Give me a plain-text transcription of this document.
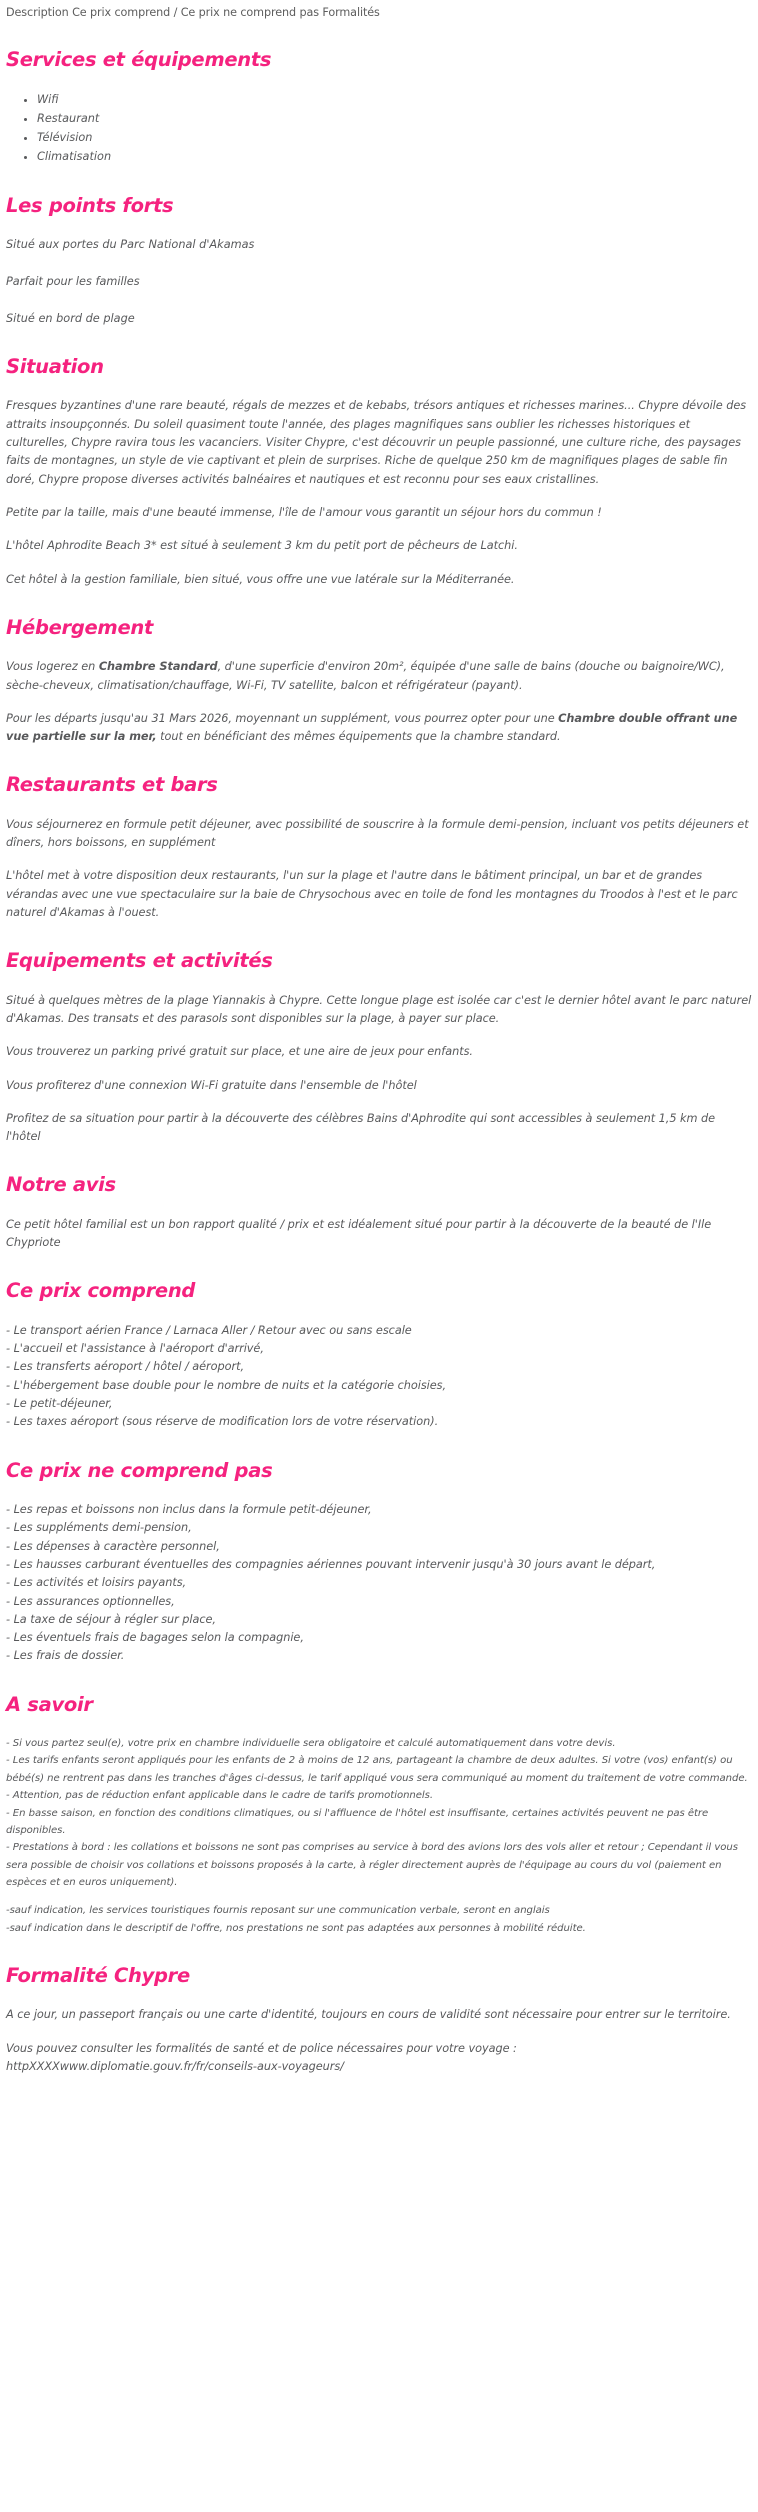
Description Ce prix comprend / Ce prix ne comprend pas Formalités
Services et équipements
• Wifi
• Restaurant
• Télévision
• Climatisation
Les points forts

Situé aux portes du Parc National d'Akamas

Parfait pour les familles

Situé en bord de plage

Situation

Fresques byzantines d'une rare beauté, régals de mezzes et de kebabs, trésors antiques et richesses marines... Chypre dévoile des attraits insoupçonnés. Du soleil quasiment toute l'année, des plages magnifiques sans oublier les richesses historiques et culturelles, Chypre ravira tous les vacanciers. Visiter Chypre, c'est découvrir un peuple passionné, une culture riche, des paysages faits de montagnes, un style de vie captivant et plein de surprises. Riche de quelque 250 km de magnifiques plages de sable fin doré, Chypre propose diverses activités balnéaires et nautiques et est reconnu pour ses eaux cristallines.

Petite par la taille, mais d'une beauté immense, l'île de l'amour vous garantit un séjour hors du commun !

L'hôtel Aphrodite Beach 3* est situé à seulement 3 km du petit port de pêcheurs de Latchi.

Cet hôtel à la gestion familiale, bien situé, vous offre une vue latérale sur la Méditerranée.

Hébergement

Vous logerez en Chambre Standard, d'une superficie d'environ 20m², équipée d'une salle de bains (douche ou baignoire/WC), sèche-cheveux, climatisation/chauffage, Wi-Fi, TV satellite, balcon et réfrigérateur (payant).

Pour les départs jusqu'au 31 Mars 2026, moyennant un supplément, vous pourrez opter pour une Chambre double offrant une vue partielle sur la mer, tout en bénéficiant des mêmes équipements que la chambre standard.

Restaurants et bars

Vous séjournerez en formule petit déjeuner, avec possibilité de souscrire à la formule demi-pension, incluant vos petits déjeuners et dîners, hors boissons, en supplément

L'hôtel met à votre disposition deux restaurants, l'un sur la plage et l'autre dans le bâtiment principal, un bar et de grandes vérandas avec une vue spectaculaire sur la baie de Chrysochous avec en toile de fond les montagnes du Troodos à l'est et le parc naturel d'Akamas à l'ouest.

Equipements et activités

Situé à quelques mètres de la plage Yiannakis à Chypre. Cette longue plage est isolée car c'est le dernier hôtel avant le parc naturel d'Akamas. Des transats et des parasols sont disponibles sur la plage, à payer sur place.

Vous trouverez un parking privé gratuit sur place, et une aire de jeux pour enfants.

Vous profiterez d'une connexion Wi-Fi gratuite dans l'ensemble de l'hôtel

Profitez de sa situation pour partir à la découverte des célèbres Bains d'Aphrodite qui sont accessibles à seulement 1,5 km de l'hôtel

Notre avis

Ce petit hôtel familial est un bon rapport qualité / prix et est idéalement situé pour partir à la découverte de la beauté de l'Ile Chypriote

Ce prix comprend
- Le transport aérien France / Larnaca Aller / Retour avec ou sans escale
- L'accueil et l'assistance à l'aéroport d'arrivé,
- Les transferts aéroport / hôtel / aéroport,
- L'hébergement base double pour le nombre de nuits et la catégorie choisies,
- Le petit-déjeuner,
- Les taxes aéroport (sous réserve de modification lors de votre réservation).
Ce prix ne comprend pas
- Les repas et boissons non inclus dans la formule petit-déjeuner,
- Les suppléments demi-pension,
- Les dépenses à caractère personnel,
- Les hausses carburant éventuelles des compagnies aériennes pouvant intervenir jusqu'à 30 jours avant le départ,
- Les activités et loisirs payants,
- Les assurances optionnelles,
- La taxe de séjour à régler sur place,
- Les éventuels frais de bagages selon la compagnie,
- Les frais de dossier.
A savoir
- Si vous partez seul(e), votre prix en chambre individuelle sera obligatoire et calculé automatiquement dans votre devis.
- Les tarifs enfants seront appliqués pour les enfants de 2 à moins de 12 ans, partageant la chambre de deux adultes. Si votre (vos) enfant(s) ou bébé(s) ne rentrent pas dans les tranches d'âges ci-dessus, le tarif appliqué vous sera communiqué au moment du traitement de votre commande.
- Attention, pas de réduction enfant applicable dans le cadre de tarifs promotionnels.
- En basse saison, en fonction des conditions climatiques, ou si l'affluence de l'hôtel est insuffisante, certaines activités peuvent ne pas être disponibles.
- Prestations à bord : les collations et boissons ne sont pas comprises au service à bord des avions lors des vols aller et retour ; Cependant il vous sera possible de choisir vos collations et boissons proposés à la carte, à régler directement auprès de l'équipage au cours du vol (paiement en espèces et en euros uniquement).
-sauf indication, les services touristiques fournis reposant sur une communication verbale, seront en anglais
-sauf indication dans le descriptif de l'offre, nos prestations ne sont pas adaptées aux personnes à mobilité réduite.
Formalité Chypre

A ce jour, un passeport français ou une carte d'identité, toujours en cours de validité sont nécessaire pour entrer sur le territoire.

Vous pouvez consulter les formalités de santé et de police nécessaires pour votre voyage :
httpXXXXwww.diplomatie.gouv.fr/fr/conseils-aux-voyageurs/
